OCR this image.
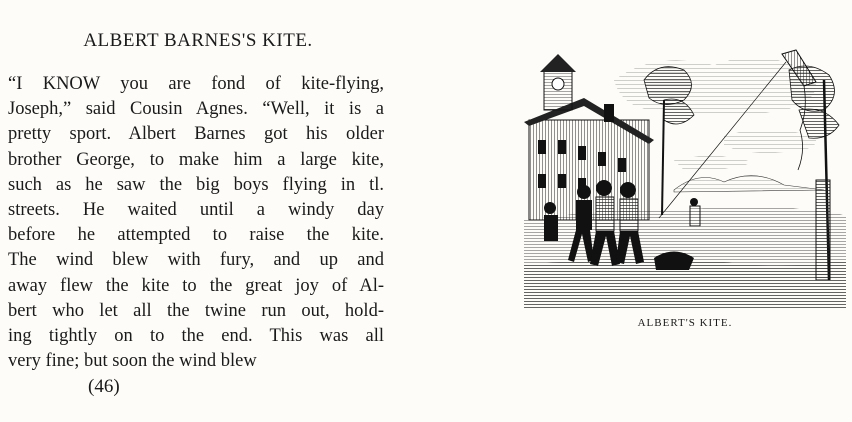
ALBERT BARNES'S KITE.
“I KNOW you are fond of kite-flying,
Joseph,” said Cousin Agnes. “Well, it is a
pretty sport. Albert Barnes got his older
brother George, to make him a large kite,
such as he saw the big boys flying in tl.
streets. He waited until a windy day
before he attempted to raise the kite.
The wind blew with fury, and up and
away flew the kite to the great joy of Al-
bert who let all the twine run out, hold-
ing tightly on to the end. This was all
very fine; but soon the wind blew
(46)
ALBERT'S KITE.
